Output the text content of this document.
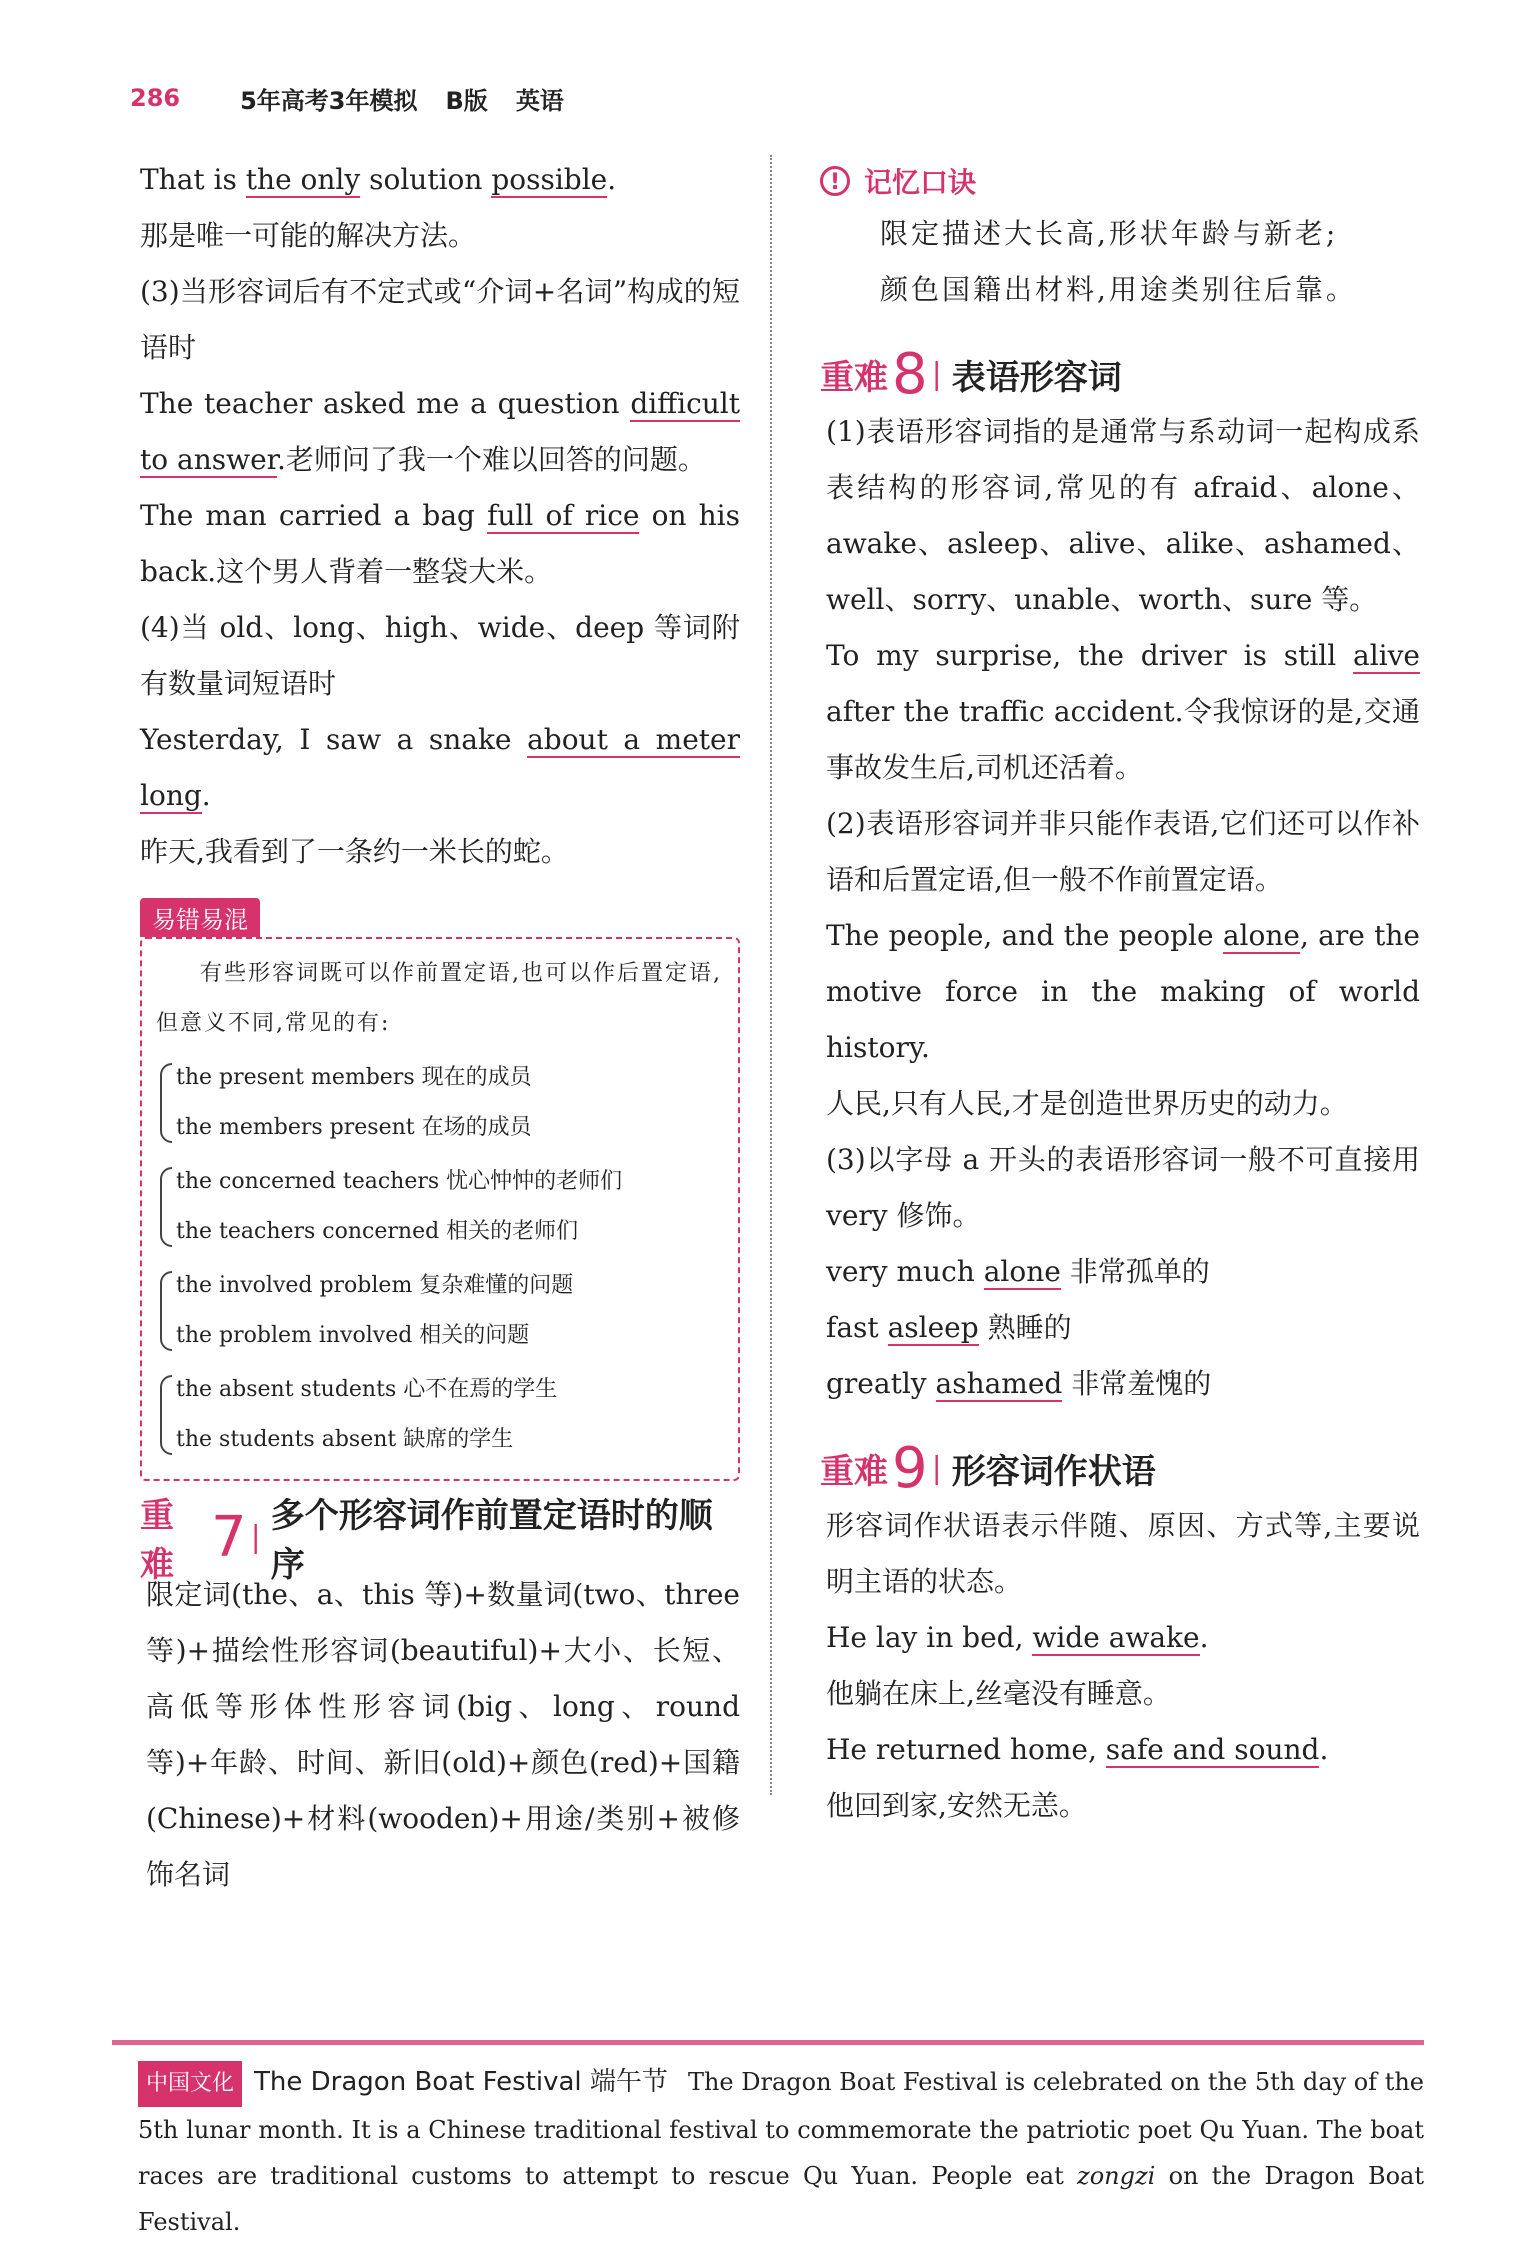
286	5年高考3年模拟 B版 英语

That is the only solution possible.

那是唯一可能的解决方法。

(3)当形容词后有不定式或“介词+名词”构成的短语时

The teacher asked me a question difficult to answer.老师问了我一个难以回答的问题。

The man carried a bag full of rice on his back.这个男人背着一整袋大米。

(4)当 old、long、high、wide、deep 等词附有数量词短语时

Yesterday, I saw a snake about a meter long.

昨天,我看到了一条约一米长的蛇。

易错易混

有些形容词既可以作前置定语,也可以作后置定语,但意义不同,常见的有:

the present members 现在的成员
the members present 在场的成员
the concerned teachers 忧心忡忡的老师们
the teachers concerned 相关的老师们
the involved problem 复杂难懂的问题
the problem involved 相关的问题
the absent students 心不在焉的学生
the students absent 缺席的学生
重难 7 |
多个形容词作前置定语时的顺序

限定词(the、a、this 等)+数量词(two、three 等)+描绘性形容词(beautiful)+大小、长短、高低等形体性形容词(big、long、round 等)+年龄、时间、新旧(old)+颜色(red)+国籍(Chinese)+材料(wooden)+用途/类别+被修饰名词

! 记忆口诀

限定描述大长高,形状年龄与新老;

颜色国籍出材料,用途类别往后靠。

重难 8 | 表语形容词

(1)表语形容词指的是通常与系动词一起构成系表结构的形容词,常见的有 afraid、alone、awake、asleep、alive、alike、ashamed、well、sorry、unable、worth、sure 等。

To my surprise, the driver is still alive after the traffic accident.令我惊讶的是,交通事故发生后,司机还活着。

(2)表语形容词并非只能作表语,它们还可以作补语和后置定语,但一般不作前置定语。

The people, and the people alone, are the motive force in the making of world history.

人民,只有人民,才是创造世界历史的动力。

(3)以字母 a 开头的表语形容词一般不可直接用 very 修饰。

very much alone 非常孤单的

fast asleep 熟睡的

greatly ashamed 非常羞愧的

重难 9 | 形容词作状语

形容词作状语表示伴随、原因、方式等,主要说明主语的状态。

He lay in bed, wide awake.

他躺在床上,丝毫没有睡意。

He returned home, safe and sound.

他回到家,安然无恙。

中国文化 The Dragon Boat Festival 端午节 The Dragon Boat Festival is celebrated on the 5th day of the 5th lunar month. It is a Chinese traditional festival to commemorate the patriotic poet Qu Yuan. The boat races are traditional customs to attempt to rescue Qu Yuan. People eat zongzi on the Dragon Boat Festival.
